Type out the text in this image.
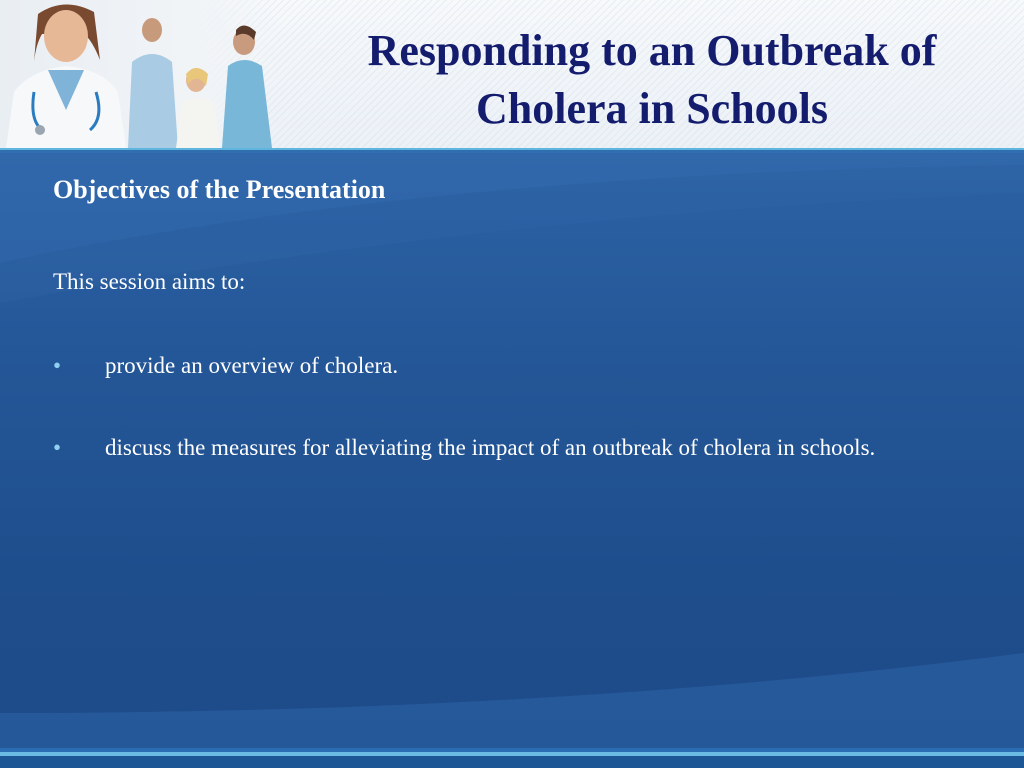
Responding to an Outbreak of Cholera in Schools
Objectives of the Presentation
This session aims to:
•	provide an overview of cholera.
•	discuss the measures for alleviating the impact of an outbreak of cholera in schools.
